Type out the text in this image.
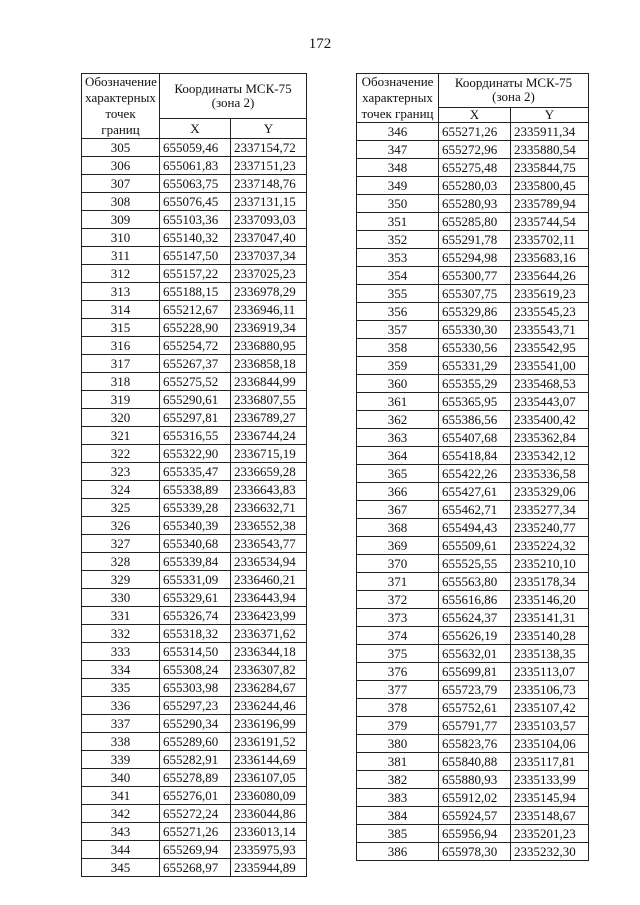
172
Обозначение характерных точек границ	Координаты МСК-75 (зона 2)	
	X	Y
305	655059,46	2337154,72
306	655061,83	2337151,23
307	655063,75	2337148,76
308	655076,45	2337131,15
309	655103,36	2337093,03
310	655140,32	2337047,40
311	655147,50	2337037,34
312	655157,22	2337025,23
313	655188,15	2336978,29
314	655212,67	2336946,11
315	655228,90	2336919,34
316	655254,72	2336880,95
317	655267,37	2336858,18
318	655275,52	2336844,99
319	655290,61	2336807,55
320	655297,81	2336789,27
321	655316,55	2336744,24
322	655322,90	2336715,19
323	655335,47	2336659,28
324	655338,89	2336643,83
325	655339,28	2336632,71
326	655340,39	2336552,38
327	655340,68	2336543,77
328	655339,84	2336534,94
329	655331,09	2336460,21
330	655329,61	2336443,94
331	655326,74	2336423,99
332	655318,32	2336371,62
333	655314,50	2336344,18
334	655308,24	2336307,82
335	655303,98	2336284,67
336	655297,23	2336244,46
337	655290,34	2336196,99
338	655289,60	2336191,52
339	655282,91	2336144,69
340	655278,89	2336107,05
341	655276,01	2336080,09
342	655272,24	2336044,86
343	655271,26	2336013,14
344	655269,94	2335975,93
345	655268,97	2335944,89
Обозначение характерных точек границ	Координаты МСК-75 (зона 2)	
	X	Y
346	655271,26	2335911,34
347	655272,96	2335880,54
348	655275,48	2335844,75
349	655280,03	2335800,45
350	655280,93	2335789,94
351	655285,80	2335744,54
352	655291,78	2335702,11
353	655294,98	2335683,16
354	655300,77	2335644,26
355	655307,75	2335619,23
356	655329,86	2335545,23
357	655330,30	2335543,71
358	655330,56	2335542,95
359	655331,29	2335541,00
360	655355,29	2335468,53
361	655365,95	2335443,07
362	655386,56	2335400,42
363	655407,68	2335362,84
364	655418,84	2335342,12
365	655422,26	2335336,58
366	655427,61	2335329,06
367	655462,71	2335277,34
368	655494,43	2335240,77
369	655509,61	2335224,32
370	655525,55	2335210,10
371	655563,80	2335178,34
372	655616,86	2335146,20
373	655624,37	2335141,31
374	655626,19	2335140,28
375	655632,01	2335138,35
376	655699,81	2335113,07
377	655723,79	2335106,73
378	655752,61	2335107,42
379	655791,77	2335103,57
380	655823,76	2335104,06
381	655840,88	2335117,81
382	655880,93	2335133,99
383	655912,02	2335145,94
384	655924,57	2335148,67
385	655956,94	2335201,23
386	655978,30	2335232,30
